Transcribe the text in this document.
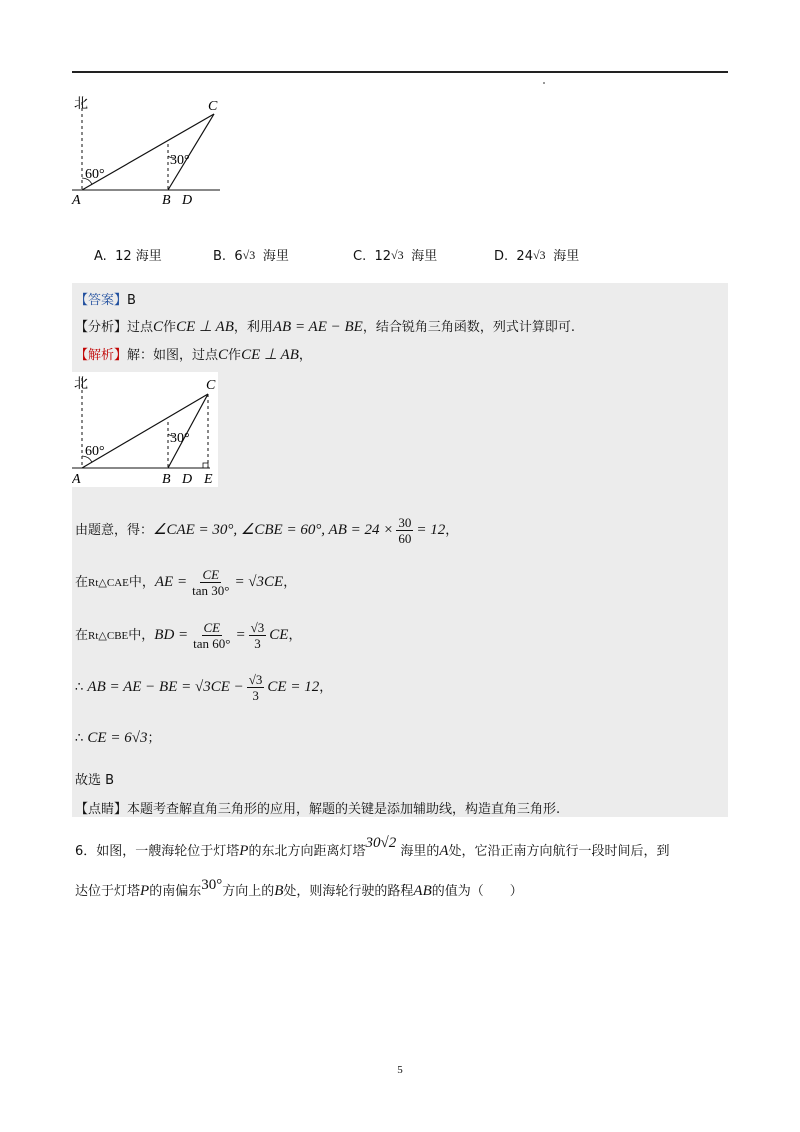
北
60°
30°
A	B D
C
A. 12 海里	B. 6 √3 海里	C. 12 √3 海里	D. 24 √3 海里
【答案】B
【分析】过点C作CE ⊥ AB，利用AB = AE − BE，结合锐角三角函数，列式计算即可.
【解析】解：如图，过点C作CE ⊥ AB，
北
60°
30°
A	B D E
C
由题意，得：∠CAE = 30°, ∠CBE = 60°, AB = $24 \times \frac{30}{60} = 12$，
在Rt△CAE中，AE = $\frac{CE}{\tan 30^\circ} = √3CE$，
在Rt△CBE中，BD = $\frac{CE}{\tan 60^\circ} = \frac{√3}{3}$ CE，
∴ AB = AE − BE = $√3CE - \frac{√3}{3}$ CE = 12，
∴ CE = 6√3；
故选 B
【点睛】本题考查解直角三角形的应用，解题的关键是添加辅助线，构造直角三角形.
6．如图，一艘海轮位于灯塔P的东北方向距离灯塔30√2 海里的A处，它沿正南方向航行一段时间后，到
达位于灯塔P的南偏东30°方向上的B处，则海轮行驶的路程AB的值为（　　）
5
